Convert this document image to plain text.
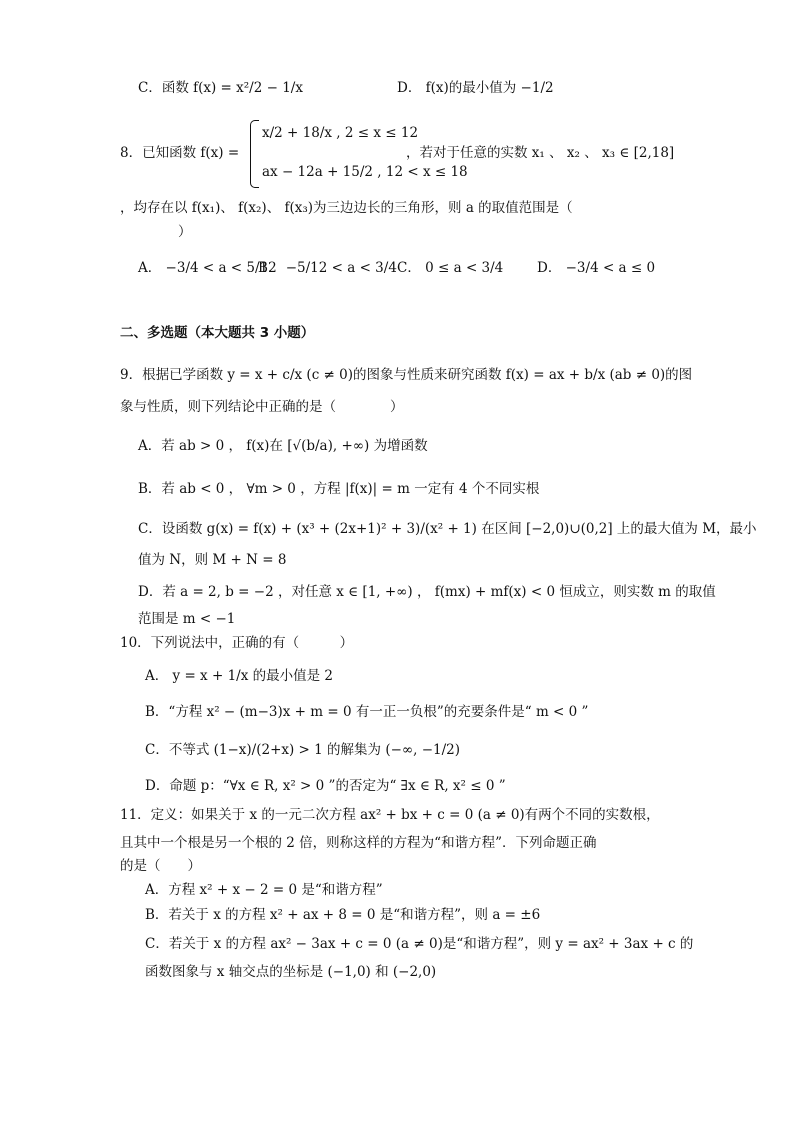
C．函数 f(x) = x²/2 − 1/x	D． f(x)的最小值为 −1/2
8．已知函数 f(x) =
x/2 + 18/x , 2 ≤ x ≤ 12
ax − 12a + 15/2 , 12 < x ≤ 18
，若对于任意的实数 x₁ 、 x₂ 、 x₃ ∈ [2,18]
，均存在以 f(x₁)、 f(x₂)、 f(x₃)为三边边长的三角形，则 a 的取值范围是（
）
A． −3/4 < a < 5/12
B． −5/12 < a < 3/4 C． 0 ≤ a < 3/4 D． −3/4 < a ≤ 0
二、多选题（本大题共 3 小题）
9．根据已学函数 y = x + c/x (c ≠ 0)的图象与性质来研究函数 f(x) = ax + b/x (ab ≠ 0)的图
象与性质，则下列结论中正确的是（　　　　）
A．若 ab > 0 ， f(x)在 [√(b/a), +∞) 为增函数
B．若 ab < 0 ， ∀m > 0 ，方程 |f(x)| = m 一定有 4 个不同实根
C．设函数 g(x) = f(x) + (x³ + (2x+1)² + 3)/(x² + 1) 在区间 [−2,0)∪(0,2] 上的最大值为 M，最小
值为 N，则 M + N = 8
D．若 a = 2, b = −2 ，对任意 x ∈ [1, +∞) ， f(mx) + mf(x) < 0 恒成立，则实数 m 的取值
范围是 m < −1
10．下列说法中，正确的有（　　　）
A． y = x + 1/x 的最小值是 2
B．“方程 x² − (m−3)x + m = 0 有一正一负根”的充要条件是“ m < 0 ”
C．不等式 (1−x)/(2+x) > 1 的解集为 (−∞, −1/2)
D．命题 p：“∀x ∈ R, x² > 0 ”的否定为“ ∃x ∈ R, x² ≤ 0 ”
11．定义：如果关于 x 的一元二次方程 ax² + bx + c = 0 (a ≠ 0)有两个不同的实数根，
且其中一个根是另一个根的 2 倍，则称这样的方程为“和谐方程”．下列命题正确
的是（　　）
A．方程 x² + x − 2 = 0 是“和谐方程”
B．若关于 x 的方程 x² + ax + 8 = 0 是“和谐方程”，则 a = ±6
C．若关于 x 的方程 ax² − 3ax + c = 0 (a ≠ 0)是“和谐方程”，则 y = ax² + 3ax + c 的
函数图象与 x 轴交点的坐标是 (−1,0) 和 (−2,0)
